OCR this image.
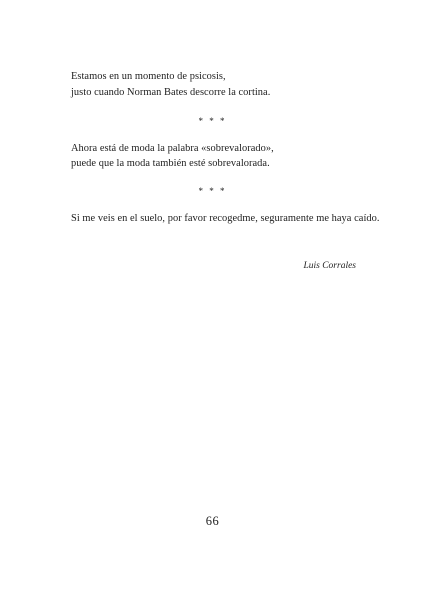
Estamos en un momento de psicosis,
justo cuando Norman Bates descorre la cortina.
* * *
Ahora está de moda la palabra «sobrevalorado»,
puede que la moda también esté sobrevalorada.
* * *
Si me veis en el suelo, por favor recogedme, seguramente me haya caído.
Luis Corrales
66
